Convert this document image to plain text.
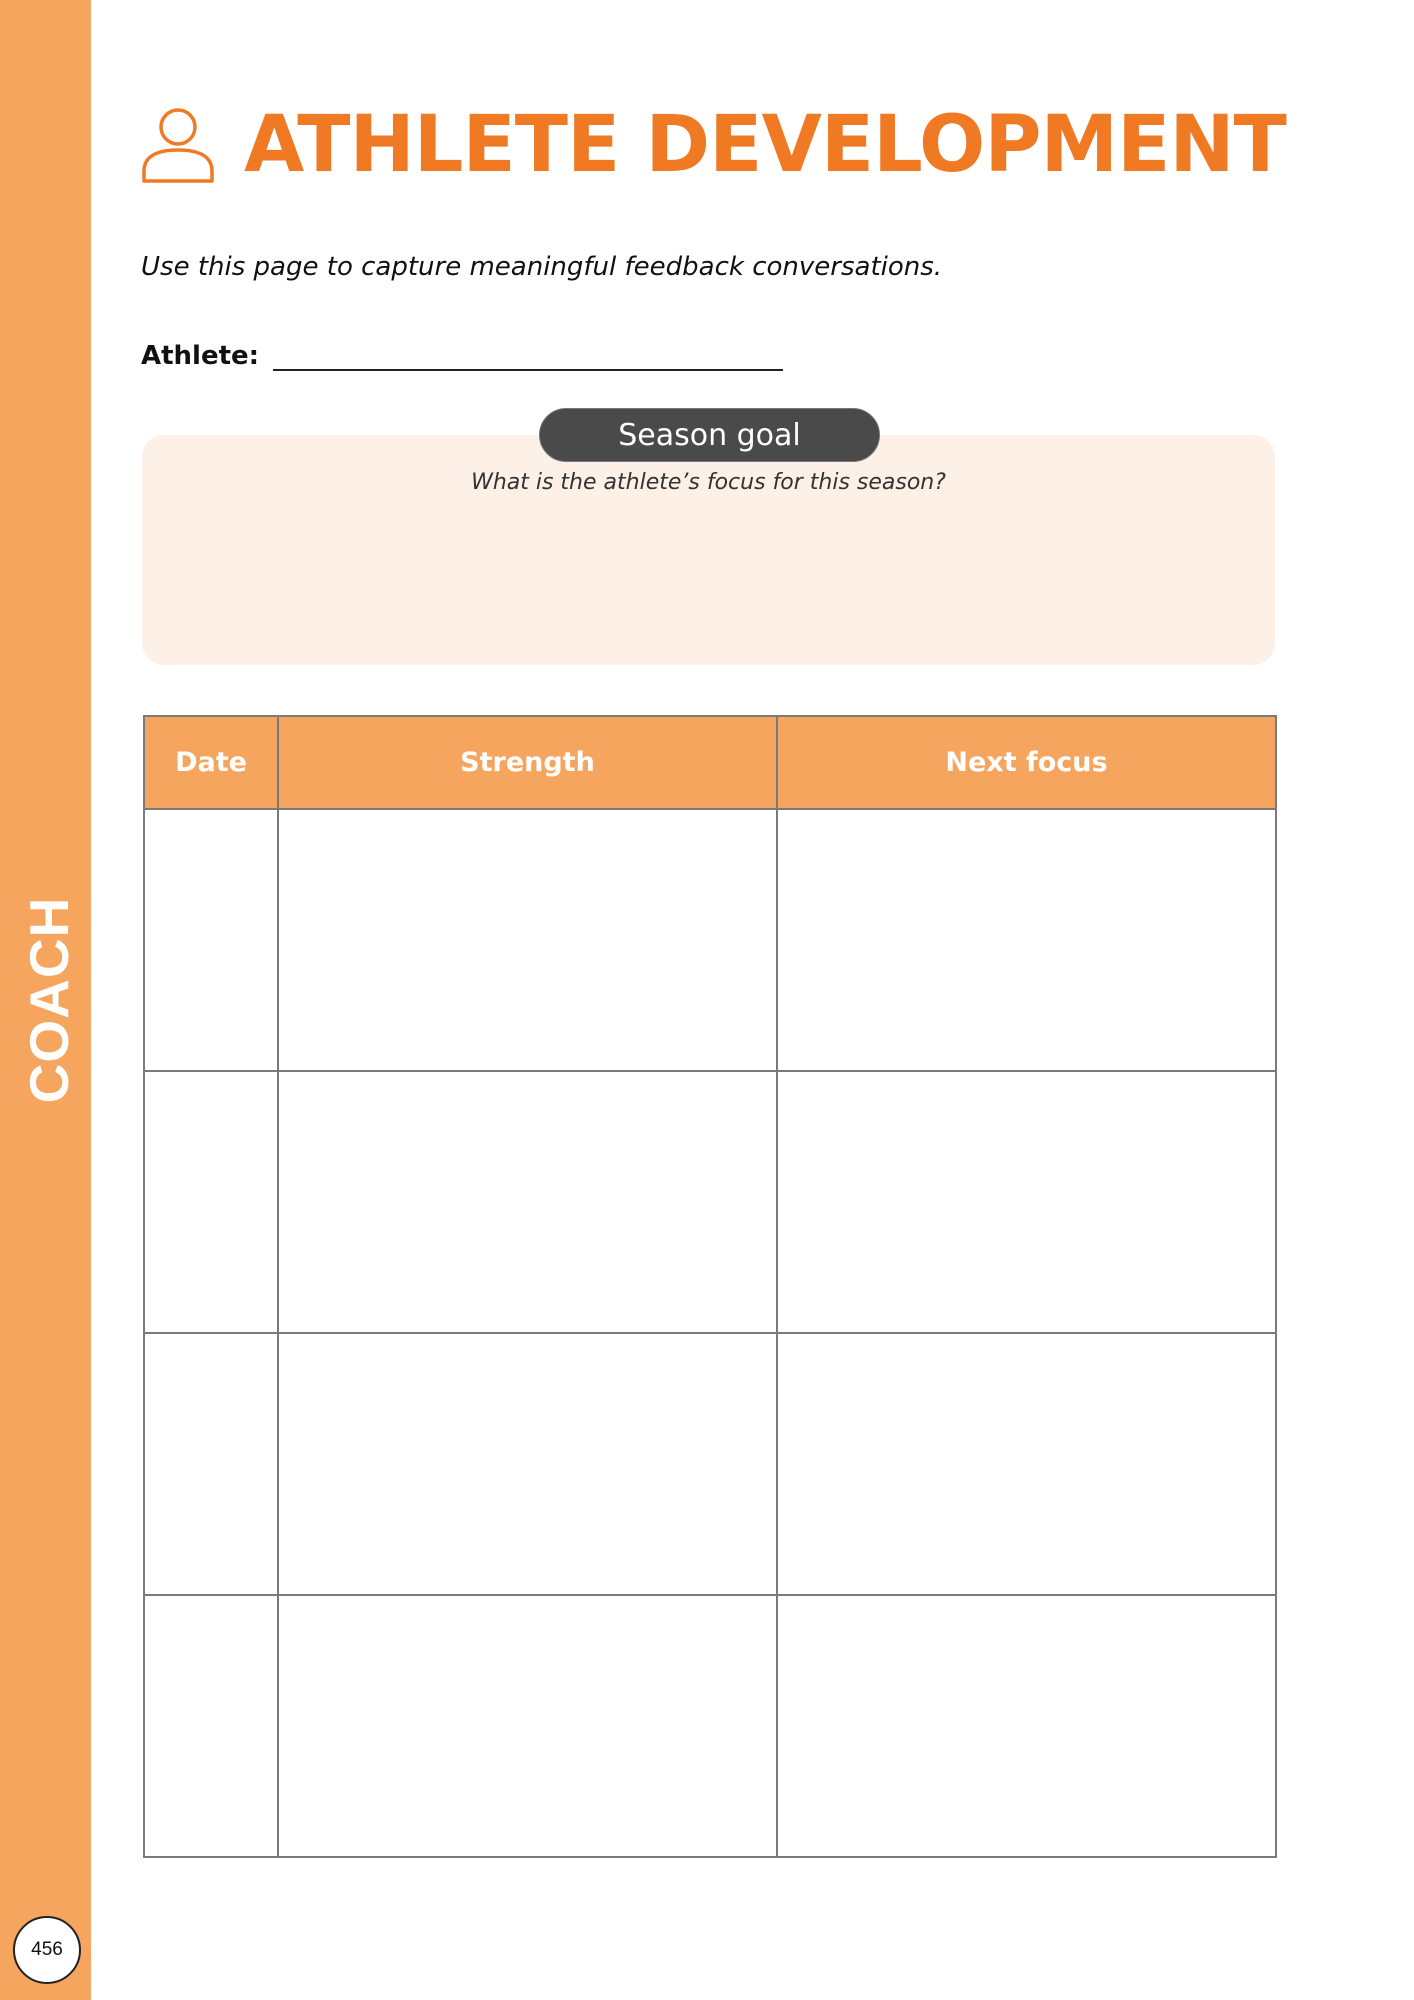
COACH
456
ATHLETE DEVELOPMENT
Use this page to capture meaningful feedback conversations.
Athlete:
Season goal
What is the athlete’s focus for this season?
Date	Strength	Next focus
